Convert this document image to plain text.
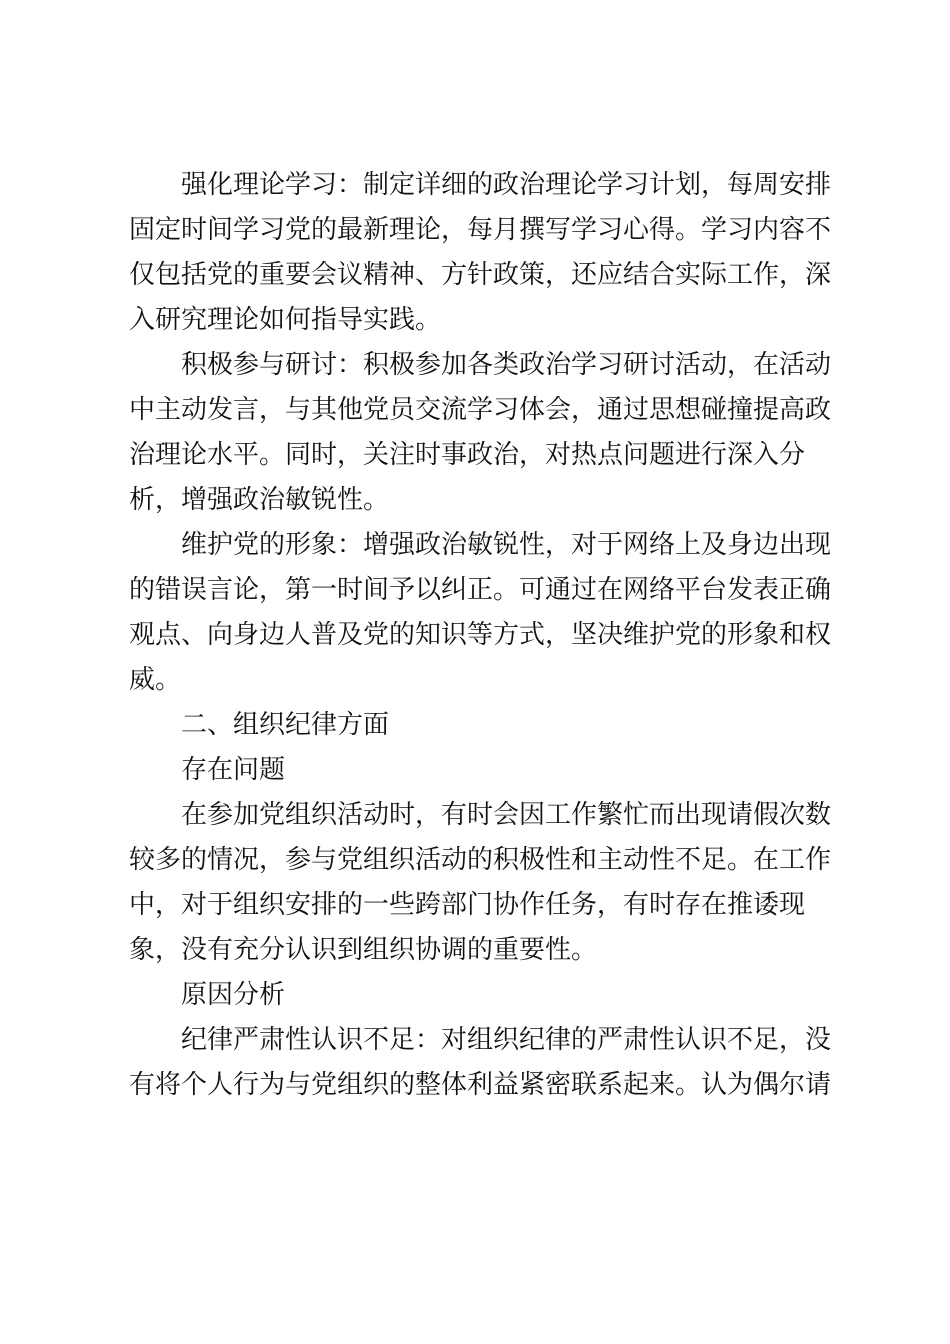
强化理论学习：制定详细的政治理论学习计划，每周安排
固定时间学习党的最新理论，每月撰写学习心得。学习内容不
仅包括党的重要会议精神、方针政策，还应结合实际工作，深
入研究理论如何指导实践。
积极参与研讨：积极参加各类政治学习研讨活动，在活动
中主动发言，与其他党员交流学习体会，通过思想碰撞提高政
治理论水平。同时，关注时事政治，对热点问题进行深入分
析，增强政治敏锐性。
维护党的形象：增强政治敏锐性，对于网络上及身边出现
的错误言论，第一时间予以纠正。可通过在网络平台发表正确
观点、向身边人普及党的知识等方式，坚决维护党的形象和权
威。
二、组织纪律方面
存在问题
在参加党组织活动时，有时会因工作繁忙而出现请假次数
较多的情况，参与党组织活动的积极性和主动性不足。在工作
中，对于组织安排的一些跨部门协作任务，有时存在推诿现
象，没有充分认识到组织协调的重要性。
原因分析
纪律严肃性认识不足：对组织纪律的严肃性认识不足，没
有将个人行为与党组织的整体利益紧密联系起来。认为偶尔请
